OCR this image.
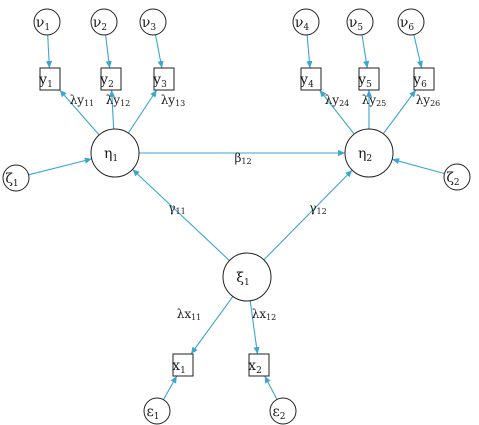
$\nu_1$	$\nu_2$ $\nu_3$	$\nu_4$	$\nu_5$	$\nu_6$
$y_1$	$y_2$	$y_3$	$y_4$	$y_5$	$y_6$
$\eta_1$	$\eta_2$
$\zeta_1$	$\zeta_2$
$\xi_1$
$x_1$	$x_2$
$\varepsilon_1$	$\varepsilon_2$
λy11 λy12	λy13	λy24 λy25 λy26
β12
γ11	γ12
λx11	λx12
